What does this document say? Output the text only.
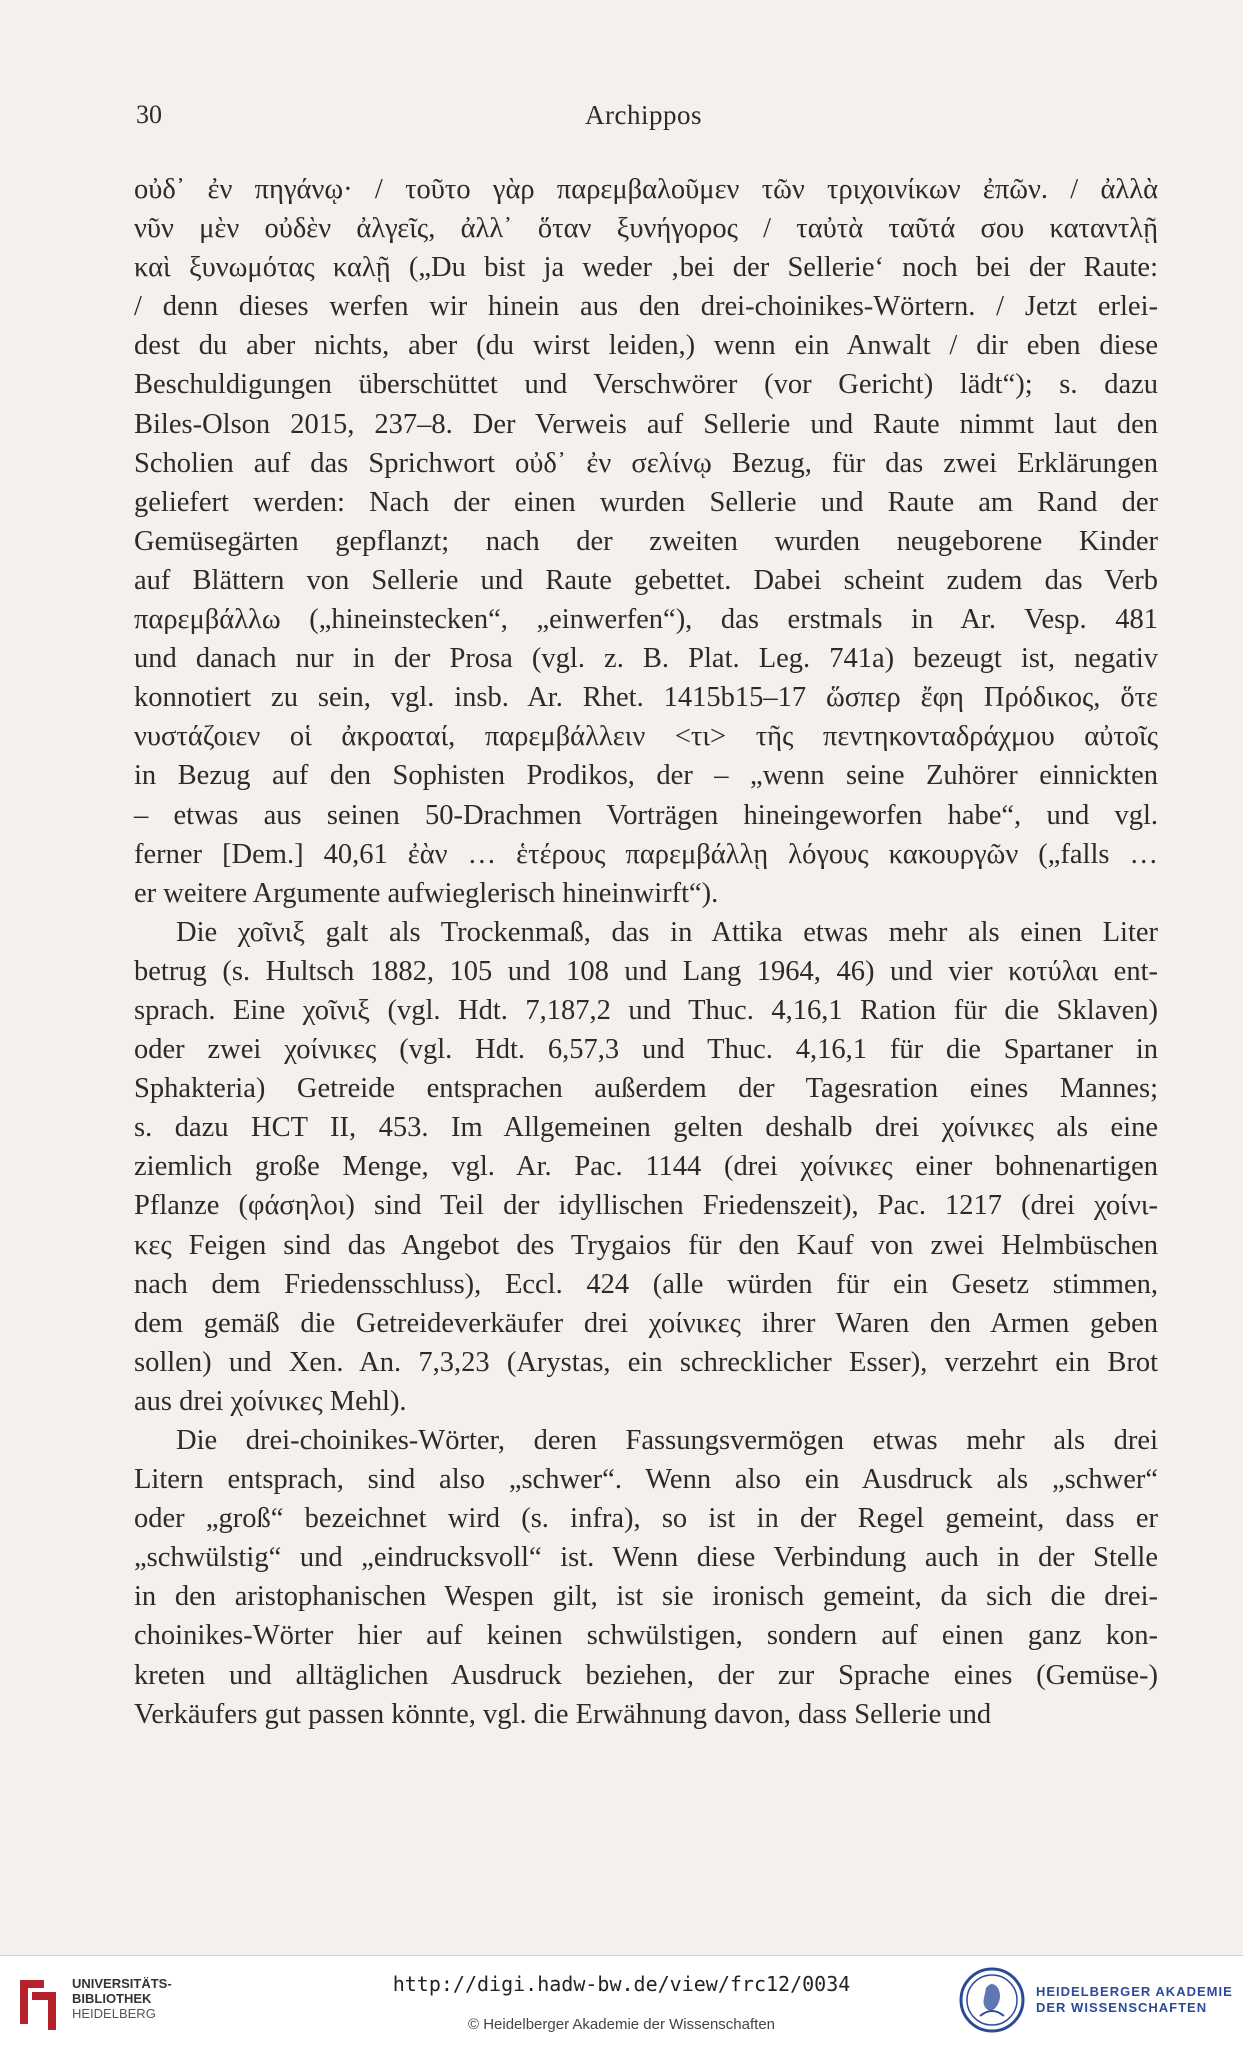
30	Archippos

οὐδ᾽ ἐν πηγάνῳ· / τοῦτο γὰρ παρεμβαλοῦμεν τῶν τριχοινίκων ἐπῶν. / ἀλλὰ
νῦν μὲν οὐδὲν ἀλγεῖς, ἀλλ᾽ ὅταν ξυνήγορος / ταὐτὰ ταῦτά σου καταντλῇ
καὶ ξυνωμότας καλῇ („Du bist ja weder ‚bei der Sellerie‘ noch bei der Raute:
/ denn dieses werfen wir hinein aus den drei-choinikes-Wörtern. / Jetzt erlei-
dest du aber nichts, aber (du wirst leiden,) wenn ein Anwalt / dir eben diese
Beschuldigungen überschüttet und Verschwörer (vor Gericht) lädt“); s. dazu
Biles-Olson 2015, 237–8. Der Verweis auf Sellerie und Raute nimmt laut den
Scholien auf das Sprichwort οὐδ᾽ ἐν σελίνῳ Bezug, für das zwei Erklärungen
geliefert werden: Nach der einen wurden Sellerie und Raute am Rand der
Gemüsegärten gepflanzt; nach der zweiten wurden neugeborene Kinder
auf Blättern von Sellerie und Raute gebettet. Dabei scheint zudem das Verb
παρεμβάλλω („hineinstecken“, „einwerfen“), das erstmals in Ar. Vesp. 481
und danach nur in der Prosa (vgl. z. B. Plat. Leg. 741a) bezeugt ist, negativ
konnotiert zu sein, vgl. insb. Ar. Rhet. 1415b15–17 ὥσπερ ἔφη Πρόδικος, ὅτε
νυστάζοιεν οἱ ἀκροαταί, παρεμβάλλειν <τι> τῆς πεντηκονταδράχμου αὐτοῖς
in Bezug auf den Sophisten Prodikos, der – „wenn seine Zuhörer einnickten
– etwas aus seinen 50-Drachmen Vorträgen hineingeworfen habe“, und vgl.
ferner [Dem.] 40,61 ἐὰν … ἑτέρους παρεμβάλλῃ λόγους κακουργῶν („falls …
er weitere Argumente aufwieglerisch hineinwirft“).

Die χοῖνιξ galt als Trockenmaß, das in Attika etwas mehr als einen Liter
betrug (s. Hultsch 1882, 105 und 108 und Lang 1964, 46) und vier κοτύλαι ent-
sprach. Eine χοῖνιξ (vgl. Hdt. 7,187,2 und Thuc. 4,16,1 Ration für die Sklaven)
oder zwei χοίνικες (vgl. Hdt. 6,57,3 und Thuc. 4,16,1 für die Spartaner in
Sphakteria) Getreide entsprachen außerdem der Tagesration eines Mannes;
s. dazu HCT II, 453. Im Allgemeinen gelten deshalb drei χοίνικες als eine
ziemlich große Menge, vgl. Ar. Pac. 1144 (drei χοίνικες einer bohnenartigen
Pflanze (φάσηλοι) sind Teil der idyllischen Friedenszeit), Pac. 1217 (drei χοίνι-
κες Feigen sind das Angebot des Trygaios für den Kauf von zwei Helmbüschen
nach dem Friedensschluss), Eccl. 424 (alle würden für ein Gesetz stimmen,
dem gemäß die Getreideverkäufer drei χοίνικες ihrer Waren den Armen geben
sollen) und Xen. An. 7,3,23 (Arystas, ein schrecklicher Esser), verzehrt ein Brot
aus drei χοίνικες Mehl).

Die drei-choinikes-Wörter, deren Fassungsvermögen etwas mehr als drei
Litern entsprach, sind also „schwer“. Wenn also ein Ausdruck als „schwer“
oder „groß“ bezeichnet wird (s. infra), so ist in der Regel gemeint, dass er
„schwülstig“ und „eindrucksvoll“ ist. Wenn diese Verbindung auch in der Stelle
in den aristophanischen Wespen gilt, ist sie ironisch gemeint, da sich die drei-
choinikes-Wörter hier auf keinen schwülstigen, sondern auf einen ganz kon-
kreten und alltäglichen Ausdruck beziehen, der zur Sprache eines (Gemüse-)
Verkäufers gut passen könnte, vgl. die Erwähnung davon, dass Sellerie und

UNIVERSITÄTS-
BIBLIOTHEK
HEIDELBERG
http://digi.hadw-bw.de/view/frc12/0034
© Heidelberger Akademie der Wissenschaften
HEIDELBERGER AKADEMIE
DER WISSENSCHAFTEN
